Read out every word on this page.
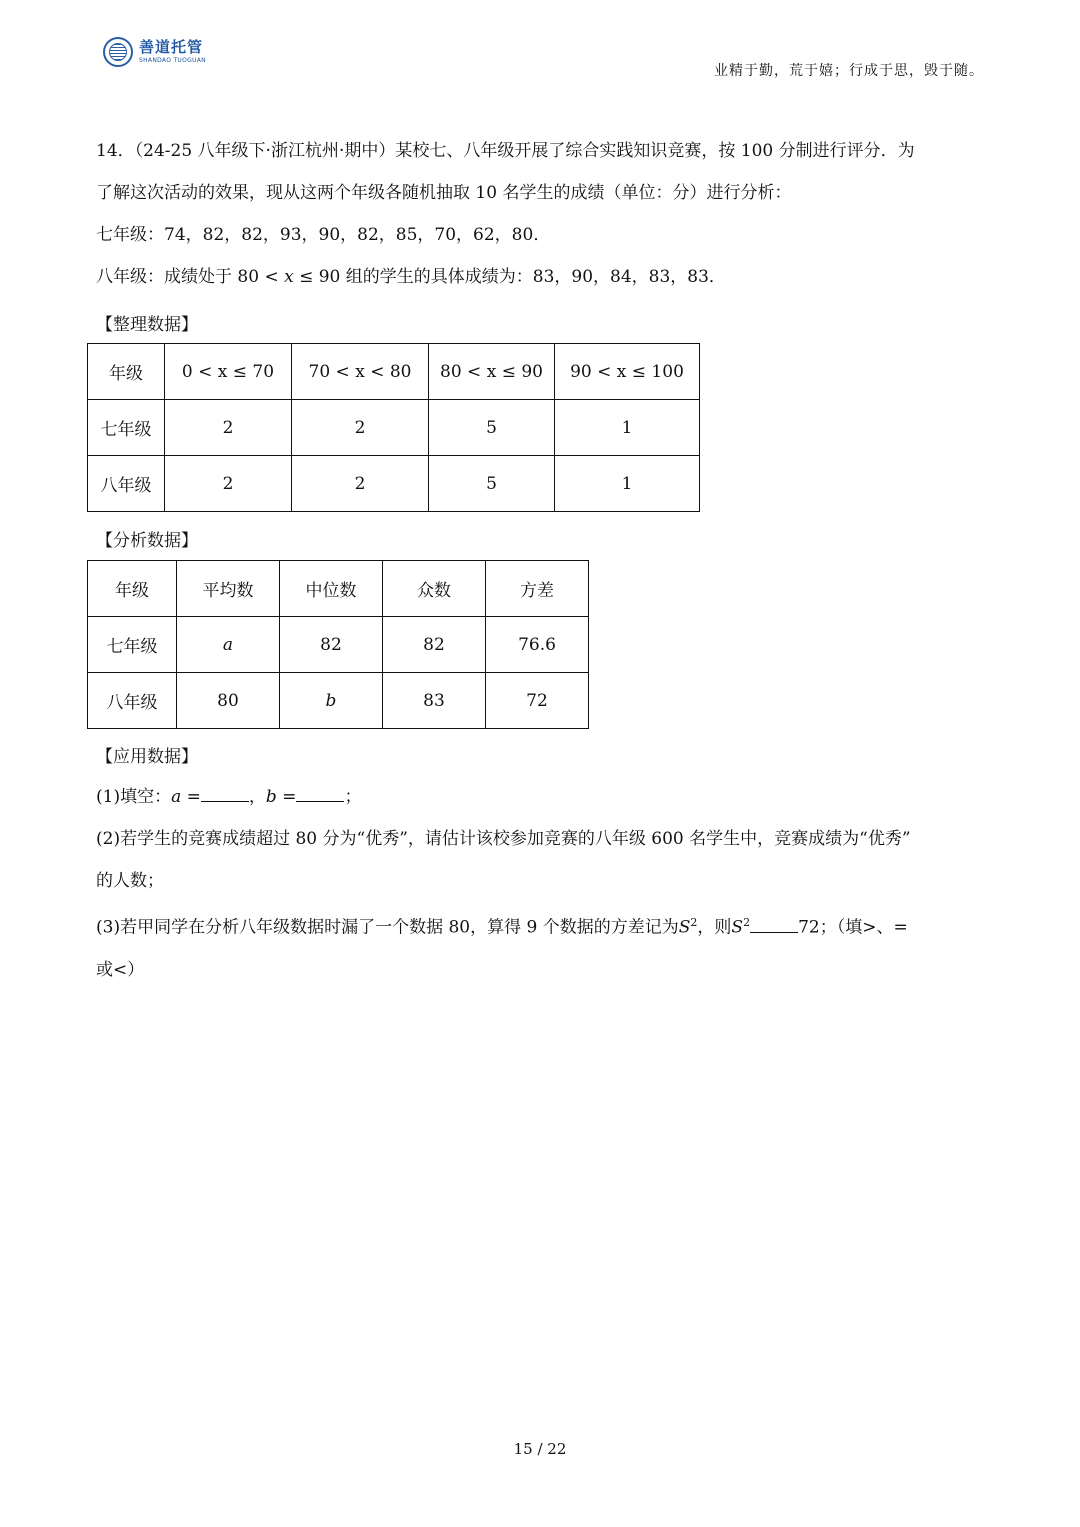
善道托管
SHANDAO TUOGUAN
业精于勤，荒于嬉；行成于思，毁于随。
14．（24-25 八年级下·浙江杭州·期中）某校七、八年级开展了综合实践知识竞赛，按 100 分制进行评分．为
了解这次活动的效果，现从这两个年级各随机抽取 10 名学生的成绩（单位：分）进行分析：
七年级：74，82，82，93，90，82，85，70，62，80．
八年级：成绩处于 80 < x ≤ 90 组的学生的具体成绩为：83，90，84，83，83．
【整理数据】
年级	0 < x ≤ 70	70 < x < 80	80 < x ≤ 90	90 < x ≤ 100
七年级	2	2	5	1
八年级	2	2	5	1
【分析数据】
年级	平均数	中位数	众数	方差
七年级	a	82	82	76.6
八年级	80	b	83	72
【应用数据】
(1)填空：a =	，b =	；
(2)若学生的竞赛成绩超过 80 分为“优秀”，请估计该校参加竞赛的八年级 600 名学生中，竞赛成绩为“优秀”
的人数；
(3)若甲同学在分析八年级数据时漏了一个数据 80，算得 9 个数据的方差记为$S^2$，则$S^2$	72；（填>、=
或<）
15 / 22
